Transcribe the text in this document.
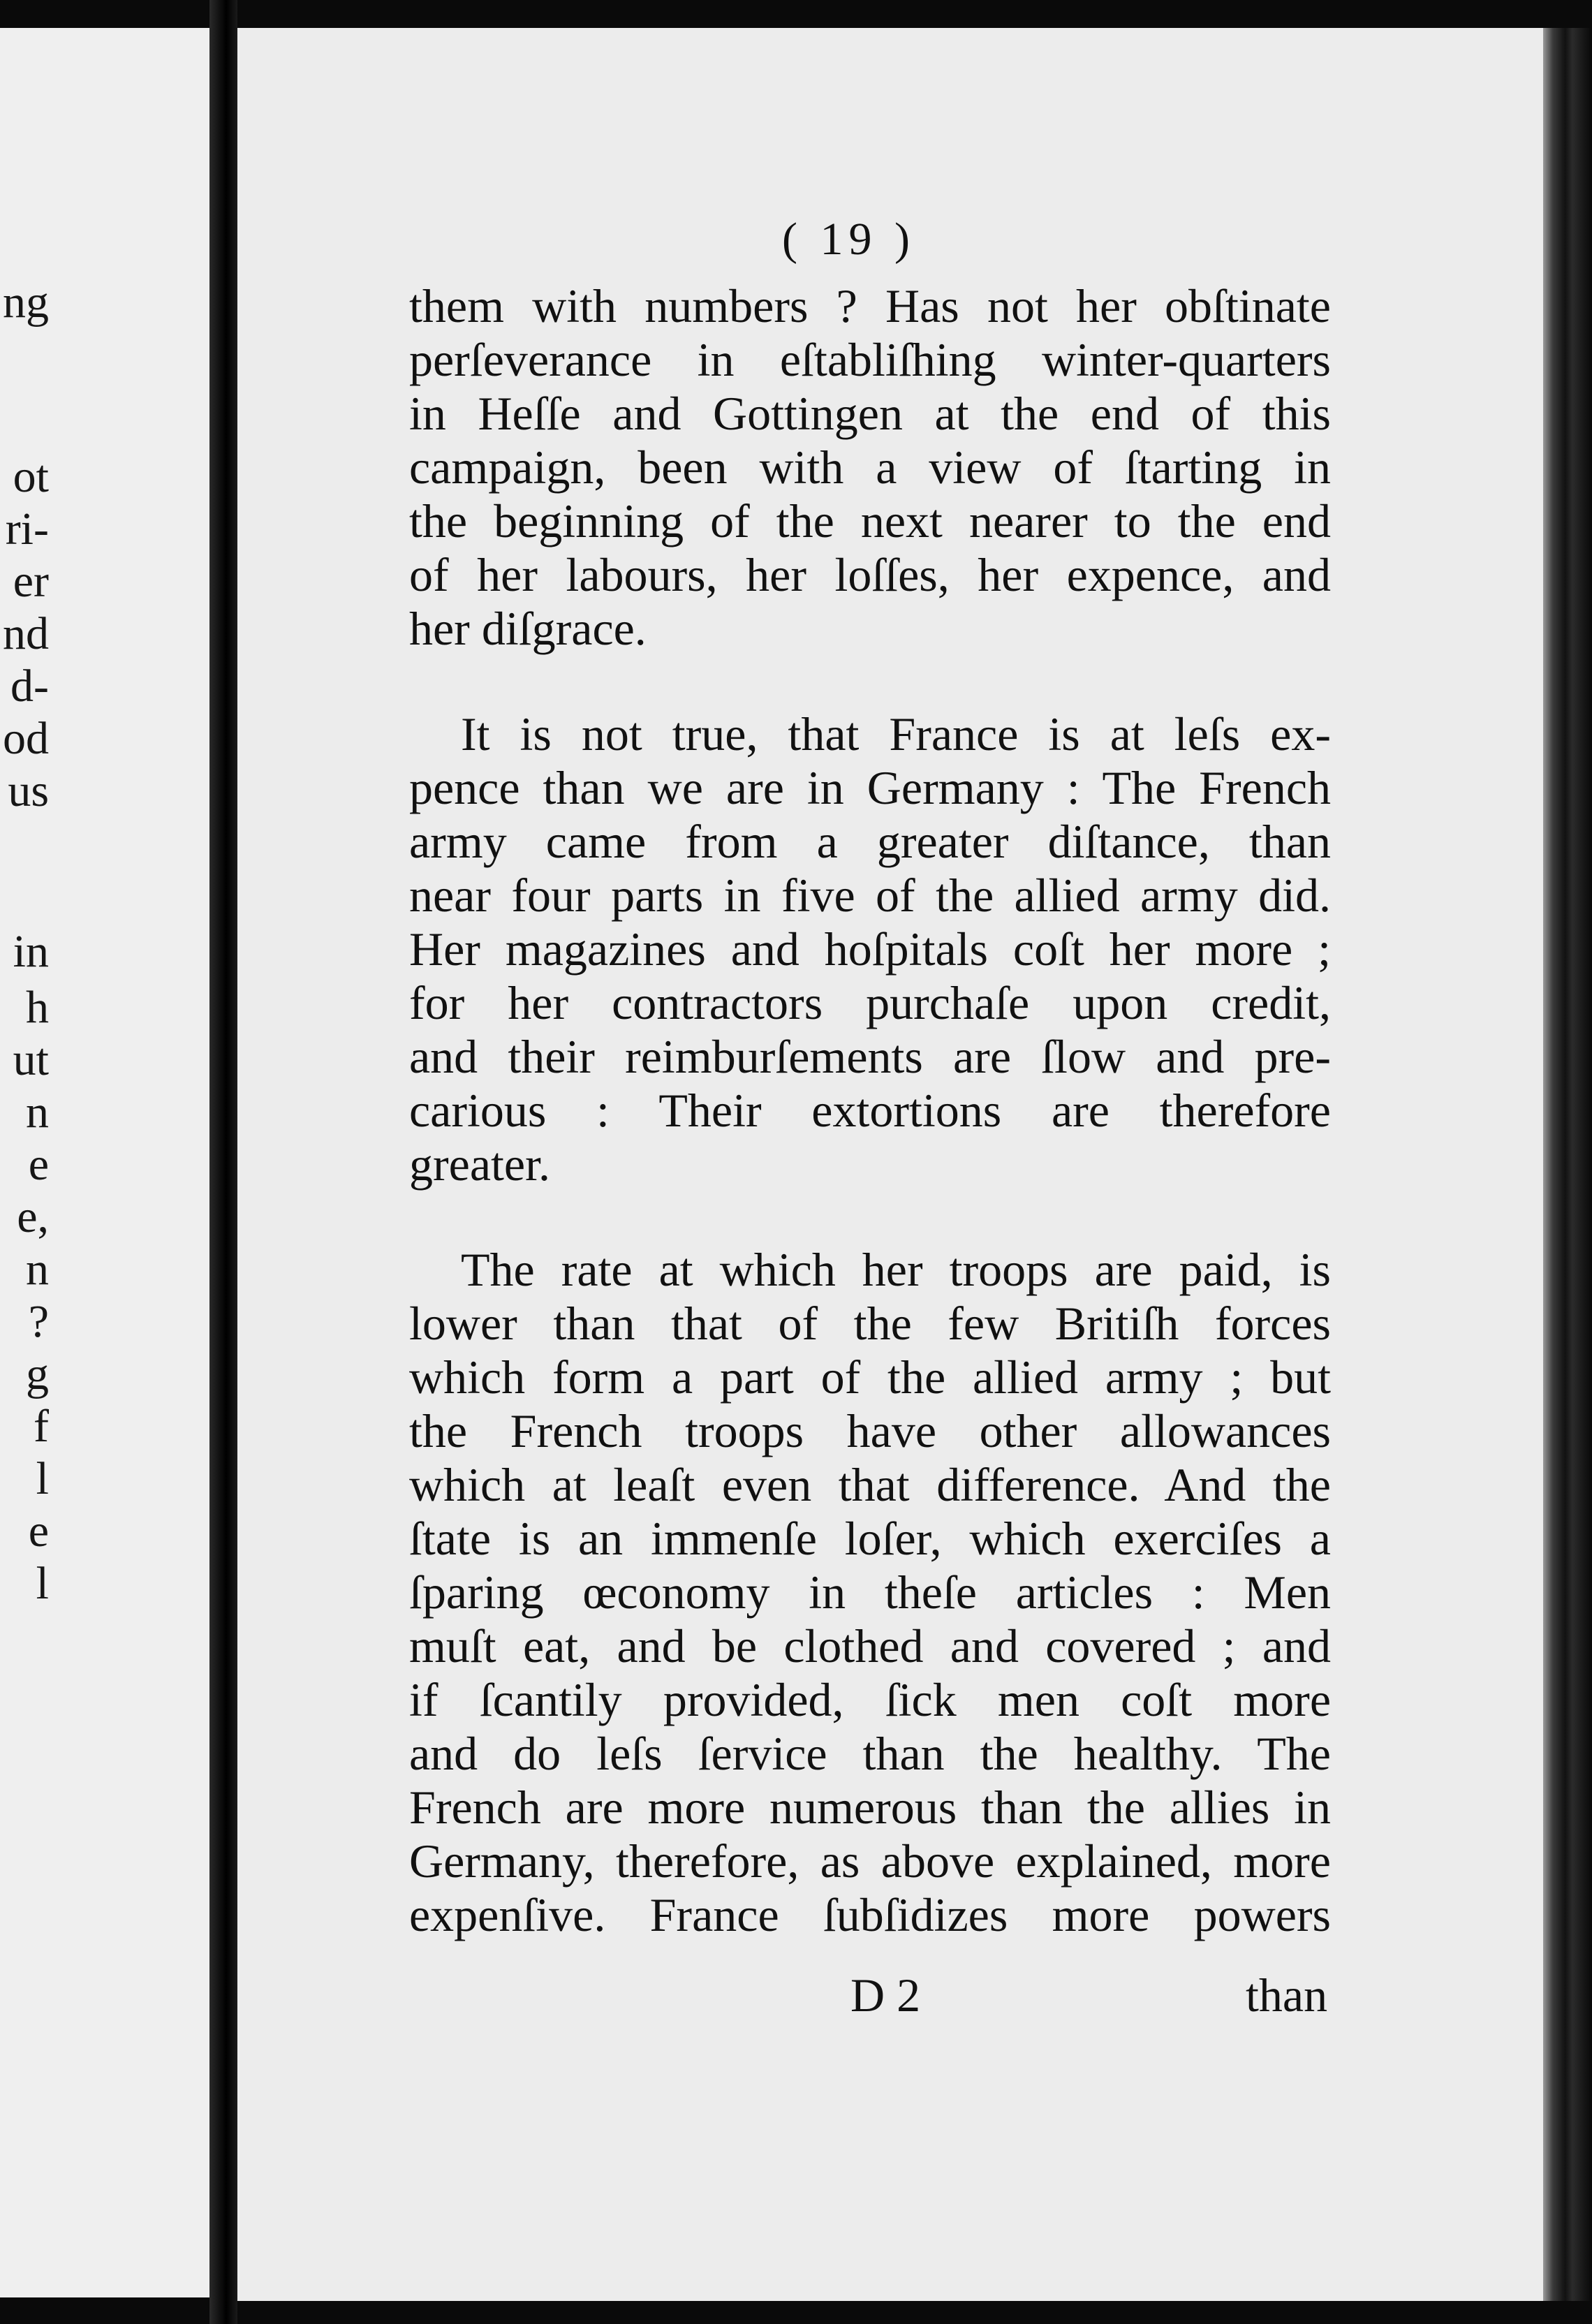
ng
ot
ri-
er
nd
d-
od
us
in
h
ut
n
e
e,
n
?
g
f
l
e
l
( 19 )
them with numbers ? Has not her obſtinate
perſeverance in eſtabliſhing winter-quarters
in Heſſe and Gottingen at the end of this
campaign, been with a view of ſtarting in
the beginning of the next nearer to the end
of her labours, her loſſes, her expence, and
her diſgrace.
It is not true, that France is at leſs ex-
pence than we are in Germany : The French
army came from a greater diſtance, than
near four parts in five of the allied army did.
Her magazines and hoſpitals coſt her more ;
for her contractors purchaſe upon credit,
and their reimburſements are ſlow and pre-
carious : Their extortions are therefore
greater.
The rate at which her troops are paid, is
lower than that of the few Britiſh forces
which form a part of the allied army ; but
the French troops have other allowances
which at leaſt even that difference. And the
ſtate is an immenſe loſer, which exerciſes a
ſparing œconomy in theſe articles : Men
muſt eat, and be clothed and covered ; and
if ſcantily provided, ſick men coſt more
and do leſs ſervice than the healthy. The
French are more numerous than the allies in
Germany, therefore, as above explained, more
expenſive. France ſubſidizes more powers
D 2	than
